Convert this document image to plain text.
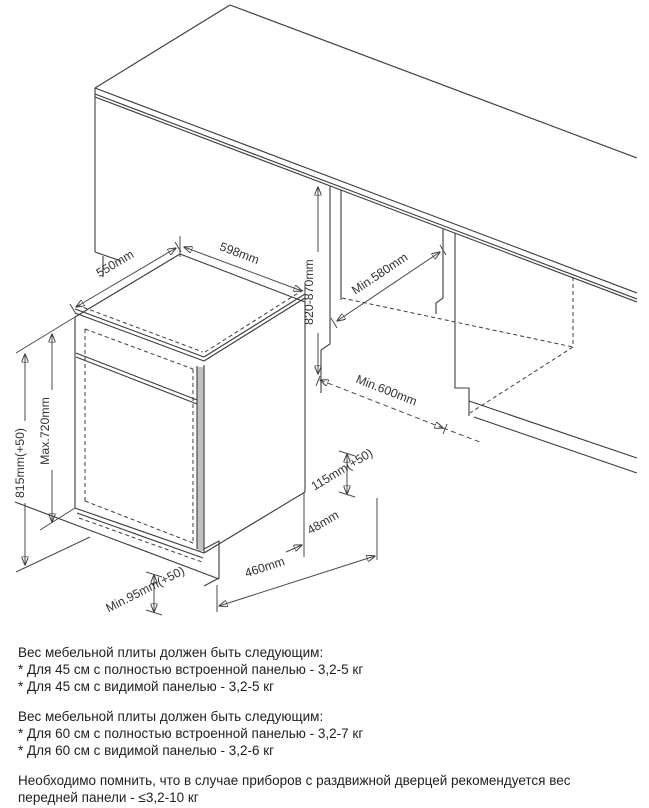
550mm	598mm
820-870mm	Min.580mm
Min.600mm
Max.720mm
815mm(+50)	115mm(+50)
48mm
460mm
Min.95mm(+50)

Вес мебельной плиты должен быть следующим:

* Для 45 см с полностью встроенной панелью - 3,2-5 кг

* Для 45 см с видимой панелью - 3,2-5 кг

Вес мебельной плиты должен быть следующим:

* Для 60 см с полностью встроенной панелью - 3,2-7 кг

* Для 60 см с видимой панелью - 3,2-6 кг

Необходимо помнить, что в случае приборов с раздвижной дверцей рекомендуется вес передней панели - ≤3,2-10 кг
